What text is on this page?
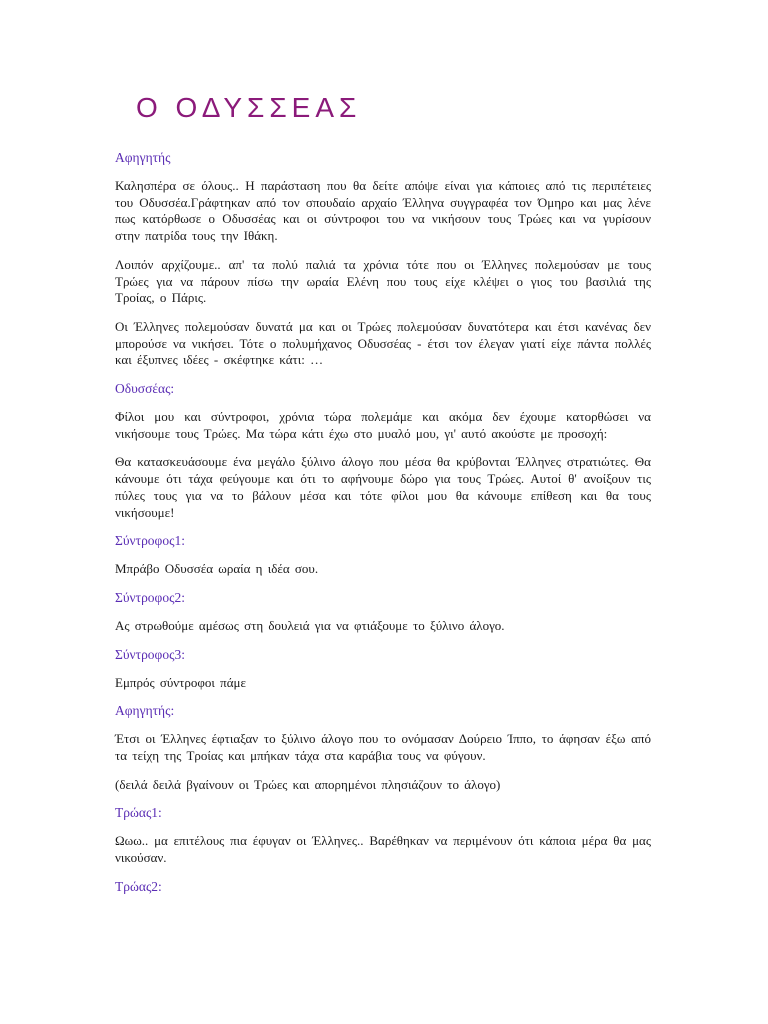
Ο ΟΔΥΣΣΕΑΣ

Αφηγητής

Καλησπέρα σε όλους.. Η παράσταση που θα δείτε απόψε είναι για κάποιες από τις περιπέτειες του Οδυσσέα.Γράφτηκαν από τον σπουδαίο αρχαίο Έλληνα συγγραφέα τον Όμηρο και μας λένε πως κατόρθωσε ο Οδυσσέας και οι σύντροφοι του να νικήσουν τους Τρώες και να γυρίσουν στην πατρίδα τους την Ιθάκη.

Λοιπόν αρχίζουμε.. απ' τα πολύ παλιά τα χρόνια τότε που οι Έλληνες πολεμούσαν με τους Τρώες για να πάρουν πίσω την ωραία Ελένη που τους είχε κλέψει ο γιος του βασιλιά της Τροίας, ο Πάρις.

Οι Έλληνες πολεμούσαν δυνατά μα και οι Τρώες πολεμούσαν δυνατότερα και έτσι κανένας δεν μπορούσε να νικήσει. Τότε ο πολυμήχανος Οδυσσέας - έτσι τον έλεγαν γιατί είχε πάντα πολλές και έξυπνες ιδέες - σκέφτηκε κάτι: …

Οδυσσέας:

Φίλοι μου και σύντροφοι, χρόνια τώρα πολεμάμε και ακόμα δεν έχουμε κατορθώσει να νικήσουμε τους Τρώες. Μα τώρα κάτι έχω στο μυαλό μου, γι' αυτό ακούστε με προσοχή:

Θα κατασκευάσουμε ένα μεγάλο ξύλινο άλογο που μέσα θα κρύβονται Έλληνες στρατιώτες. Θα κάνουμε ότι τάχα φεύγουμε και ότι το αφήνουμε δώρο για τους Τρώες. Αυτοί θ' ανοίξουν τις πύλες τους για να το βάλουν μέσα και τότε φίλοι μου θα κάνουμε επίθεση και θα τους νικήσουμε!

Σύντροφος1:

Μπράβο Οδυσσέα ωραία η ιδέα σου.

Σύντροφος2:

Ας στρωθούμε αμέσως στη δουλειά για να φτιάξουμε το ξύλινο άλογο.

Σύντροφος3:

Εμπρός σύντροφοι πάμε

Αφηγητής:

Έτσι οι Έλληνες έφτιαξαν το ξύλινο άλογο που το ονόμασαν Δούρειο Ίππο, το άφησαν έξω από τα τείχη της Τροίας και μπήκαν τάχα στα καράβια τους να φύγουν.

(δειλά δειλά βγαίνουν οι Τρώες και απορημένοι πλησιάζουν το άλογο)

Τρώας1:

Ωωω.. μα επιτέλους πια έφυγαν οι Έλληνες.. Βαρέθηκαν να περιμένουν ότι κάποια μέρα θα μας νικούσαν.

Τρώας2:
